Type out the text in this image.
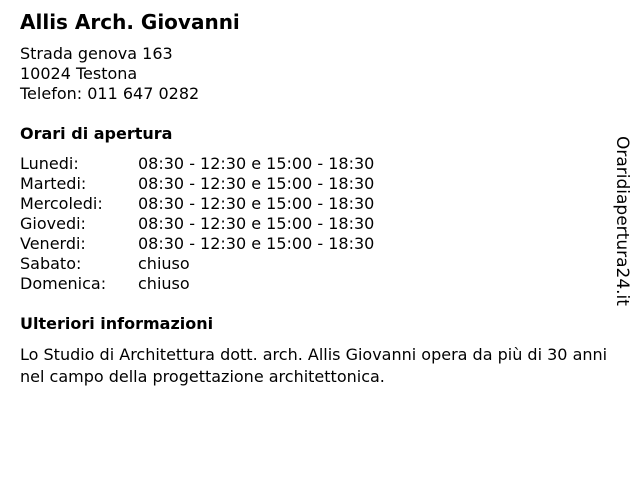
Allis Arch. Giovanni
Strada genova 163
10024 Testona
Telefon: 011 647 0282
Orari di apertura
Lunedi:	08:30 - 12:30 e 15:00 - 18:30
Martedi:	08:30 - 12:30 e 15:00 - 18:30
Mercoledi:	08:30 - 12:30 e 15:00 - 18:30
Giovedi:	08:30 - 12:30 e 15:00 - 18:30
Venerdi:	08:30 - 12:30 e 15:00 - 18:30
Sabato:	chiuso
Domenica:	chiuso
Ulteriori informazioni

Lo Studio di Architettura dott. arch. Allis Giovanni opera da più di 30 anni nel campo della progettazione architettonica.

Oraridiapertura24.it
